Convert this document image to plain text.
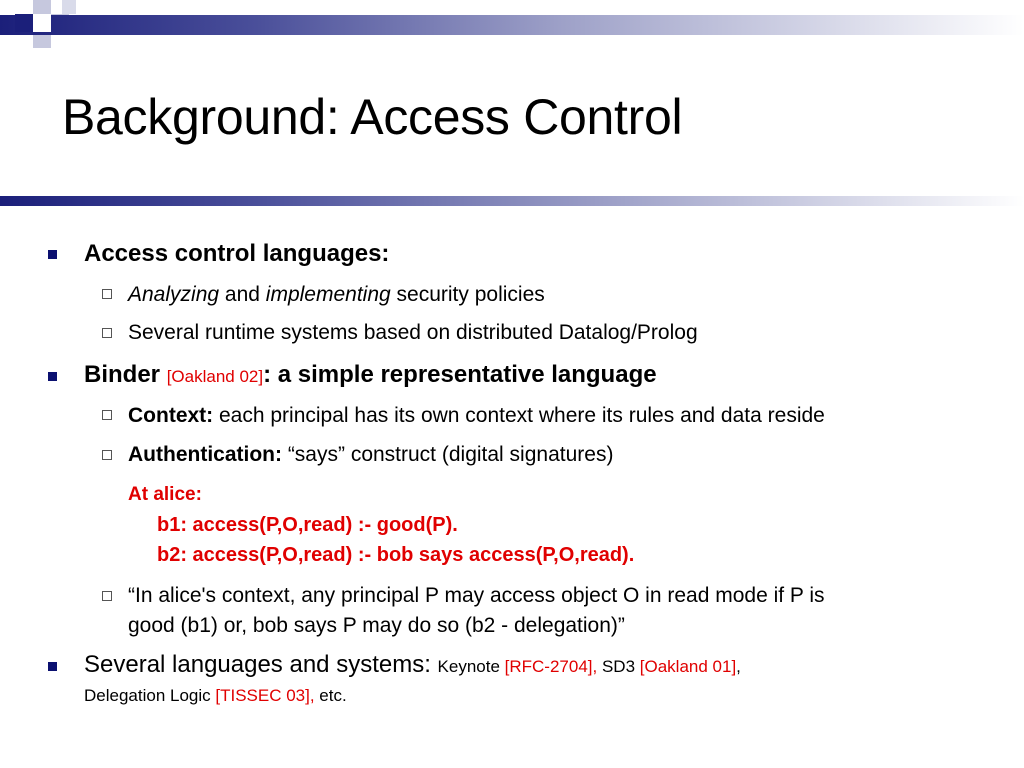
Background: Access Control
Access control languages:
Analyzing and implementing security policies
Several runtime systems based on distributed Datalog/Prolog
Binder [Oakland 02]: a simple representative language
Context: each principal has its own context where its rules and data reside
Authentication: “says” construct (digital signatures)
At alice:
b1: access(P,O,read) :- good(P).
b2: access(P,O,read) :- bob says access(P,O,read).
“In alice's context, any principal P may access object O in read mode if P is
good (b1) or, bob says P may do so (b2 - delegation)”
Several languages and systems: Keynote [RFC-2704], SD3 [Oakland 01],
Delegation Logic [TISSEC 03], etc.
